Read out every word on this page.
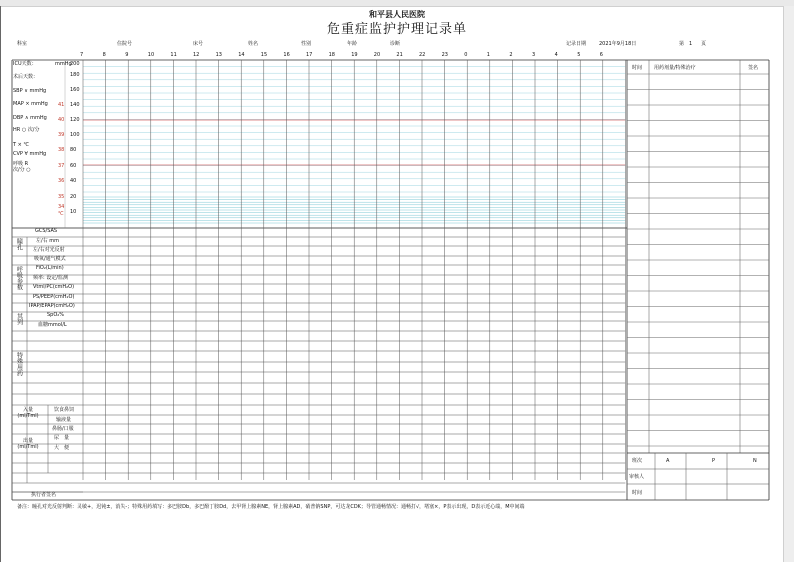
和平县人民医院
危重症监护护理记录单
科室	住院号	床号	姓名	性别	年龄	诊断	记录日期	2021年9月18日	第 1 页
7	8	9	10	11	12	13	14	15	16	17	18	19	20	21	22	23	0	1	2	3	4	5	6
ICU天数：
术后天数：
SBP ∨ mmHg
MAP × mmHg
DBP ∧ mmHg
HR ○ 次/分
T × ℃
CVP ∀ mmHg
呼吸 R 次/分 ○
mmHg
℃
200
180
160
140
120
100
80
60
40
20
10
41
40
39
38
37
36
35
34
GCS/SAS
瞳孔	左/右 mm
左/右对光反射
呼吸参数
吸氧/通气模式
FiO₂(L/min)
频率: 设定/监测
Vtml/PC(cmH₂O)
PS/PEEP(cmH₂O)
IPAP/EPAP(cmH₂O)
其列	SpO₂%
血糖mmol/L
特殊用药
入量(ml/Tml)
饮食鼻饲
输液量
鼻肠/口服
出量(ml/Tml)
尿　量
大　便
执行者签名
时间 用药剂量/特殊治疗	签名
班次	A	P	N
审核人
时间
备注：瞳孔对光反射判断：灵敏+，迟钝±，消失-；特殊用药填写：多巴胺Db，多巴酚丁胺Dd，去甲肾上腺素NE，肾上腺素AD，硝普钠SNP，可达龙CDK；导管通畅情况：通畅打√，堵塞×，P表示出现，D表示近心端，M中间端
